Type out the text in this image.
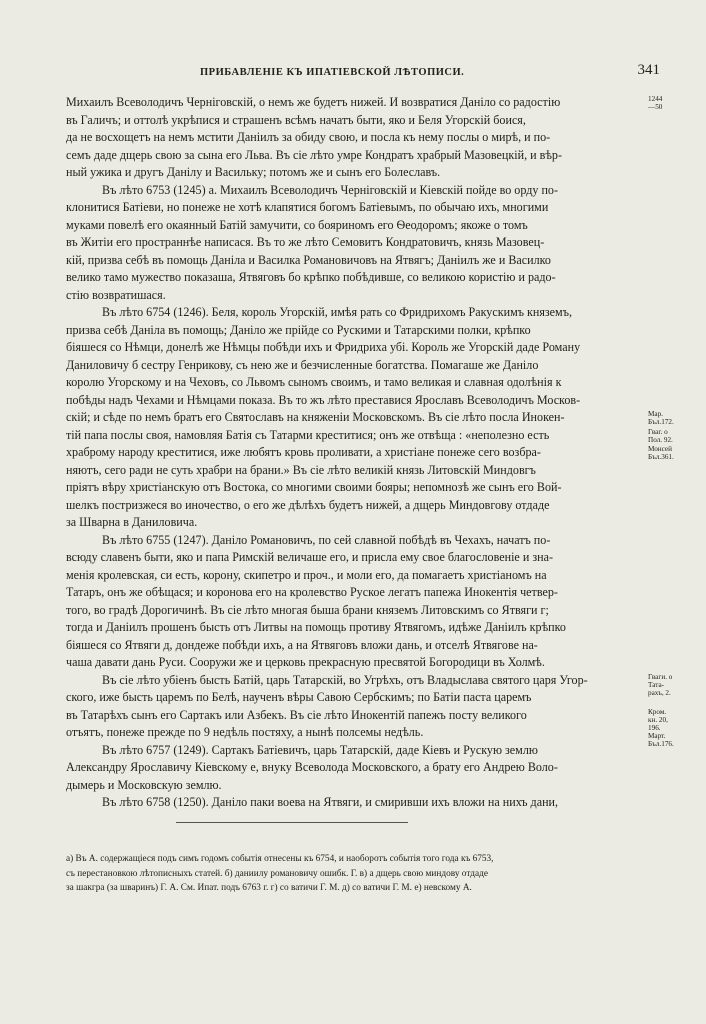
ПРИБАВЛЕНІЕ КЪ ИПАТІЕВСКОЙ ЛѢТОПИСИ.	341
Михаилъ Всеволодичъ Черніговскій, о немъ же будетъ нижей. И возвратися Даніло со радостію
въ Галичъ; и оттолѣ укрѣпися и страшенъ всѣмъ начатъ быти, яко и Беля Угорскій боися,
да не восхощетъ на немъ мстити Даніилъ за обиду свою, и посла къ нему послы о мирѣ, и по-
семъ даде дщерь свою за сына его Льва. Въ сіе лѣто умре Кондратъ храбрый Мазовецкій, и вѣр-
ный ужика и другъ Данілу и Васильку; потомъ же и сынъ его Болеславъ.
Въ лѣто 6753 (1245) а. Михаилъ Всеволодичъ Черніговскій и Кіевскій пойде во орду по-
клонитися Батіеви, но понеже не хотѣ клапятися богомъ Батіевымъ, по обычаю ихъ, многими
муками повелѣ его окаянный Батій замучити, со бояриномъ его Ѳеодоромъ; якоже о томъ
въ Житіи его пространнѣе написася. Въ то же лѣто Семовитъ Кондратовичъ, князь Мазовец-
кій, призва себѣ въ помощь Даніла и Василка Романовичовъ на Ятвягъ; Даніилъ же и Василко
велико тамо мужество показаша, Ятвяговъ бо крѣпко побѣдивше, со великою користію и радо-
стію возвратишася.
Въ лѣто 6754 (1246). Беля, король Угорскій, имѣя рать со Фридрихомъ Ракускимъ княземъ,
призва себѣ Даніла въ помощь; Даніло же прійде со Рускими и Татарскими полки, крѣпко
біяшеся со Нѣмци, донелѣ же Нѣмцы побѣди ихъ и Фридриха убі. Король же Угорскій даде Роману
Даниловичу б сестру Генрикову, съ нею же и безчисленные богатства. Помагаше же Даніло
королю Угорскому и на Чеховъ, со Львомъ сыномъ своимъ, и тамо великая и славная одолѣнія к
побѣды надъ Чехами и Нѣмцами показа. Въ то жъ лѣто преставися Ярославъ Всеволодичъ Москов-
скій; и сѣде по немъ братъ его Святославъ на княженіи Московскомъ. Въ сіе лѣто посла Инокен-
тій папа послы своя, намовляя Батія съ Татарми креститися; онъ же отвѣща : «неполезно есть
храброму народу креститися, иже любятъ кровь проливати, а христіане понеже сего возбра-
няютъ, сего ради не суть храбри на брани.» Въ сіе лѣто великій князь Литовскій Миндовгъ
пріятъ вѣру христіанскую отъ Востока, со многими своими бояры; непомнозѣ же сынъ его Вой-
шелкъ постризжеся во иночество, о его же дѣлѣхъ будетъ нижей, а дщерь Миндовгову отдаде
за Шварна в Даниловича.
Въ лѣто 6755 (1247). Даніло Романовичъ, по сей славной побѣдѣ въ Чехахъ, начатъ по-
всюду славенъ быти, яко и папа Римскій величаше его, и присла ему свое благословеніе и зна-
менія кролевская, си есть, корону, скипетро и проч., и моли его, да помагаетъ христіаномъ на
Татаръ, онъ же обѣщася; и коронова его на кролевство Руское легатъ папежа Инокентія четвер-
того, во градѣ Дорогичинѣ. Въ сіе лѣто многая быша брани княземъ Литовскимъ со Ятвяги г;
тогда и Даніилъ прошенъ бысть отъ Литвы на помощь противу Ятвягомъ, идѣже Даніилъ крѣпко
біяшеся со Ятвяги д, дондеже побѣди ихъ, а на Ятвяговъ вложи дань, и отселѣ Ятвягове на-
чаша давати дань Руси. Сооружи же и церковь прекрасную пресвятой Богородици въ Холмѣ.
Въ сіе лѣто убіенъ бысть Батій, царь Татарскій, во Угрѣхъ, отъ Владыслава святого царя Угор-
ского, иже бысть царемъ по Белѣ, наученъ вѣры Савою Сербскимъ; по Батіи паста царемъ
въ Татарѣхъ сынъ его Сартакъ или Азбекъ. Въ сіе лѣто Инокентій папежъ посту великого
отъятъ, понеже прежде по 9 недѣль постяху, а нынѣ полсемы недѣль.
Въ лѣто 6757 (1249). Сартакъ Батіевичъ, царь Татарскій, даде Кіевъ и Рускую землю
Александру Ярославичу Кіевскому е, внуку Всеволода Московского, а брату его Андрею Воло-
дымерь и Московскую землю.
Въ лѣто 6758 (1250). Даніло паки воева на Ятвяги, и смиривши ихъ вложи на нихъ дани,
1244
—50
Мар.
Бъл.172.
Гваг. о
Пол. 92.
Монсей
Бъл.361.
Гваги. о
Тата-
рахъ, 2.
Кром.
кн. 20,
196.
Март.
Бъл.176.
а) Въ А. содержащіеся подъ симъ годомъ событія отнесены къ 6754, и наоборотъ событія того года къ 6753,
съ перестановкою лѣтописныхъ статей. б) даниилу романовичу ошибк. Г. в) а дщерь свою миндову отдаде
за шакгра (за шваринъ) Г. А. См. Ипат. подъ 6763 г. г) со ватичи Г. М. д) со ватичи Г. М. е) невскому А.
